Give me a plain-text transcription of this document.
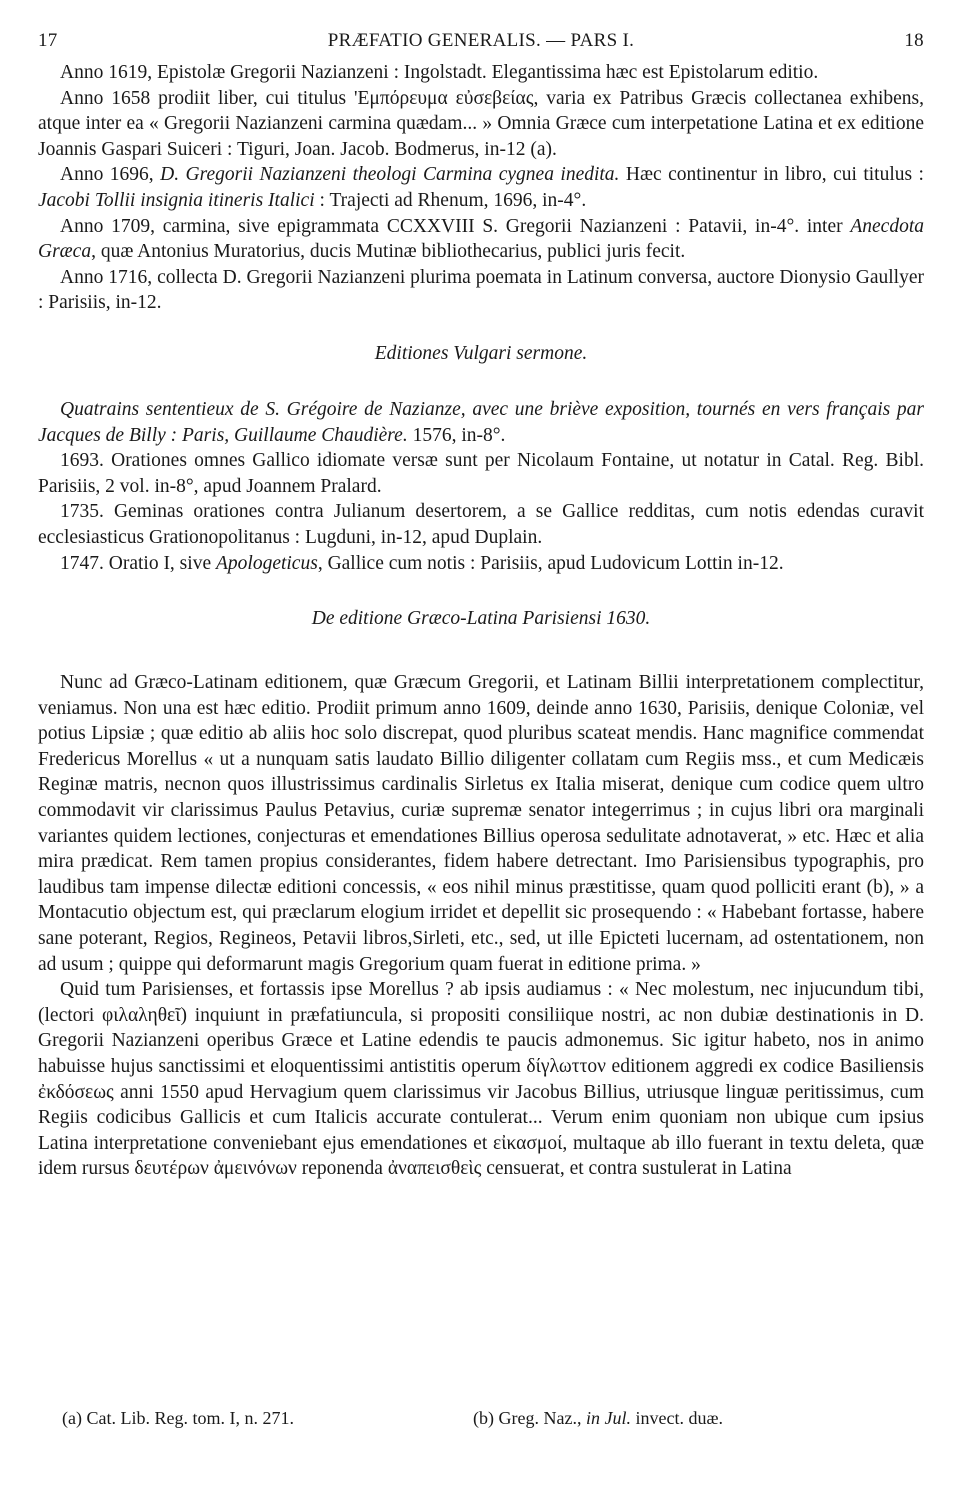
17	PRÆFATIO GENERALIS. — PARS I.	18

Anno 1619, Epistolæ Gregorii Nazianzeni : Ingolstadt. Elegantissima hæc est Epistolarum editio.

Anno 1658 prodiit liber, cui titulus 'Εμπόρευμα εὐσεβείας, varia ex Patribus Græcis collectanea exhibens, atque inter ea « Gregorii Nazianzeni carmina quædam... » Omnia Græce cum interpetatione Latina et ex editione Joannis Gaspari Suiceri : Tiguri, Joan. Jacob. Bodmerus, in-12 (a).

Anno 1696, D. Gregorii Nazianzeni theologi Carmina cygnea inedita. Hæc continentur in libro, cui titulus : Jacobi Tollii insignia itineris Italici : Trajecti ad Rhenum, 1696, in-4°.

Anno 1709, carmina, sive epigrammata CCXXVIII S. Gregorii Nazianzeni : Patavii, in-4°. inter Anecdota Græca, quæ Antonius Muratorius, ducis Mutinæ bibliothecarius, publici juris fecit.

Anno 1716, collecta D. Gregorii Nazianzeni plurima poemata in Latinum conversa, auctore Dionysio Gaullyer : Parisiis, in-12.

Editiones Vulgari sermone.

Quatrains sententieux de S. Grégoire de Nazianze, avec une briève exposition, tournés en vers français par Jacques de Billy : Paris, Guillaume Chaudière. 1576, in-8°.

1693. Orationes omnes Gallico idiomate versæ sunt per Nicolaum Fontaine, ut notatur in Catal. Reg. Bibl. Parisiis, 2 vol. in-8°, apud Joannem Pralard.

1735. Geminas orationes contra Julianum desertorem, a se Gallice redditas, cum notis edendas curavit ecclesiasticus Grationopolitanus : Lugduni, in-12, apud Duplain.

1747. Oratio I, sive Apologeticus, Gallice cum notis : Parisiis, apud Ludovicum Lottin in-12.

De editione Græco-Latina Parisiensi 1630.

Nunc ad Græco-Latinam editionem, quæ Græcum Gregorii, et Latinam Billii interpretationem complectitur, veniamus. Non una est hæc editio. Prodiit primum anno 1609, deinde anno 1630, Parisiis, denique Coloniæ, vel potius Lipsiæ ; quæ editio ab aliis hoc solo discrepat, quod pluribus scateat mendis. Hanc magnifice commendat Fredericus Morellus « ut a nunquam satis laudato Billio diligenter collatam cum Regiis mss., et cum Medicæis Reginæ matris, necnon quos illustrissimus cardinalis Sirletus ex Italia miserat, denique cum codice quem ultro commodavit vir clarissimus Paulus Petavius, curiæ supremæ senator integerrimus ; in cujus libri ora marginali variantes quidem lectiones, conjecturas et emendationes Billius operosa sedulitate adnotaverat, » etc. Hæc et alia mira prædicat. Rem tamen propius considerantes, fidem habere detrectant. Imo Parisiensibus typographis, pro laudibus tam impense dilectæ editioni concessis, « eos nihil minus præstitisse, quam quod polliciti erant (b), » a Montacutio objectum est, qui præclarum elogium irridet et depellit sic prosequendo : « Habebant fortasse, habere sane poterant, Regios, Regineos, Petavii libros,Sirleti, etc., sed, ut ille Epicteti lucernam, ad ostentationem, non ad usum ; quippe qui deformarunt magis Gregorium quam fuerat in editione prima. »

Quid tum Parisienses, et fortassis ipse Morellus ? ab ipsis audiamus : « Nec molestum, nec injucundum tibi, (lectori φιλαληθεῖ) inquiunt in præfatiuncula, si propositi consiliique nostri, ac non dubiæ destinationis in D. Gregorii Nazianzeni operibus Græce et Latine edendis te paucis admonemus. Sic igitur habeto, nos in animo habuisse hujus sanctissimi et eloquentissimi antistitis operum δίγλωττον editionem aggredi ex codice Basiliensis ἐκδόσεως anni 1550 apud Hervagium quem clarissimus vir Jacobus Billius, utriusque linguæ peritissimus, cum Regiis codicibus Gallicis et cum Italicis accurate contulerat... Verum enim quoniam non ubique cum ipsius Latina interpretatione conveniebant ejus emendationes et εἰκασμοί, multaque ab illo fuerant in textu deleta, quæ idem rursus δευτέρων ἀμεινόνων reponenda ἀναπεισθεὶς censuerat, et contra sustulerat in Latina

(a) Cat. Lib. Reg. tom. I, n. 271.	(b) Greg. Naz., in Jul. invect. duæ.
